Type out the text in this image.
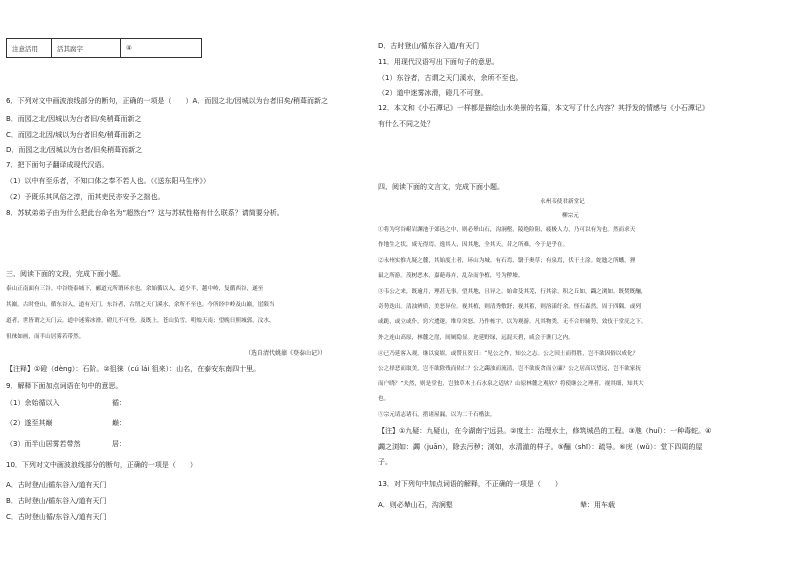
注意活用	活其腐字	④
6．下列对文中画波浪线部分的断句，正确的一项是（　　）A．而园之北/因城以为台者旧矣/稍葺而新之
B．而园之北/因城以为台者旧/矣稍葺而新之
C．而园之北因/城以为台者旧矣/稍葺而新之
D．而园之北/因城以为台者/旧矣稍葺而新之
7．把下面句子翻译成现代汉语。
（1）以中有至乐者，不知口体之奉不若人也。（《送东阳马生序》）
（2）予既乐其风俗之淳，而其吏民亦安予之拙也。
8．苏轼弟弟子由为什么把此台命名为“超然台”？这与苏轼性格有什么联系？请简要分析。
三、阅读下面的文段，完成下面小题。
泰山正南面有三谷。中谷绕泰城下，郦道元所谓环水也。余始循以入，道少半，越中岭，复循西谷，遂至
其巅。古时登山，循东谷入，道有天门。东谷者，古谓之天门溪水，余所不至也。今所经中岭及山巅，崖限当
道者，世皆谓之天门云。道中迷雾冰滑，磴几不可登。及既上，苍山负雪，明烛天南；望晚日照城郭，汶水、
徂徕如画，而半山居雾若带然。
（选自清代姚鼐《登泰山记》）
【注释】①磴（dèng）：石阶。②徂徕（cú lái 徂来）：山名，在泰安东南四十里。
9．解释下面加点词语在句中的意思。
（1）余始循以入	循：
（2）遂至其巅	巅：
（3）而半山居雾若带然	居：
10．下列对文中画波浪线部分的断句，正确的一项是（　　）
A．古时登/山循东谷入/道有天门
B．古时登山/循东谷入/道有天门
C．古时登山循/东谷入/道有天门
D．古时登山/循东谷入道/有天门
11．用现代汉语写出下面句子的意思。
（1）东谷者，古谓之天门溪水，余所不至也。
（2）道中迷雾冰滑，磴几不可登。
12．本文和《小石潭记》一样都是描绘山水美景的名篇，本文写了什么内容？其抒发的情感与《小石潭记》
有什么不同之处？
四、阅读下面的文言文，完成下面小题。
永州韦使君新堂记
柳宗元
①将为穹谷嵁岩渊池于郊邑之中，则必辇山石，沟涧壑，陵绝险阻，疲极人力，乃可以有为也。然而求天
作地生之状，咸无得焉。逸其人，因其地，全其天，昔之所难，今于是乎在。
②永州实惟九疑之麓，其始度土者，环山为城。有石焉，翳于奥草；有泉焉，伏于土涂。蛇虺之所蟠，狸
鼠之所游。茂树恶木，嘉葩毒卉，乱杂而争植，号为秽墟。
③韦公之来，既逾月，理甚无事。望其地，且异之。始命芟其芜，行其涂。积之丘如，蠲之浏如。既焚既酾，
奇势迭出。清浊辨质，美恶异位。视其植，则清秀敷舒；视其蓄，则溶漾纡余。怪石森然，周于四隅。或列
或跪，或立或仆，窍穴逶邃，堆阜突怒。乃作栋宇，以为观游。凡其物类，无不合形辅势，效伎于堂庑之下。
外之连山高原，林麓之崖，间厕隐显。迩延野绿，远混天碧，咸会于谯门之内。
④已乃延客入观，继以宴娱。或赞且贺曰：“见公之作，知公之志。公之因土而得胜，岂不欲因俗以成化？
公之择恶而取美，岂不欲除残而佑仁？公之蠲浊而流清，岂不欲废贪而立廉？公之居高以望远，岂不欲家抚
而户晓？”夫然，则是堂也，岂独草木土石水泉之适欤？山原林麓之观欤？将使继公之理者，视其细，知其大
也。
⑤宗元请志诸石，措诸屋漏，以为二千石楷法。
【注】①九疑：九疑山，在今湖南宁远县。②度土：治理水土，修筑城邑的工程。③虺（huǐ）：一种毒蛇。④
蠲之浏如：蠲（juān），除去污秽；浏如，水清澈的样子。⑤酾（shī）：疏导。⑥庑（wǔ）：堂下四周的屋
子。
13．对下列句中加点词语的解释，不正确的一项是（　　）
A．则必辇山石，沟涧壑	辇：用车载
